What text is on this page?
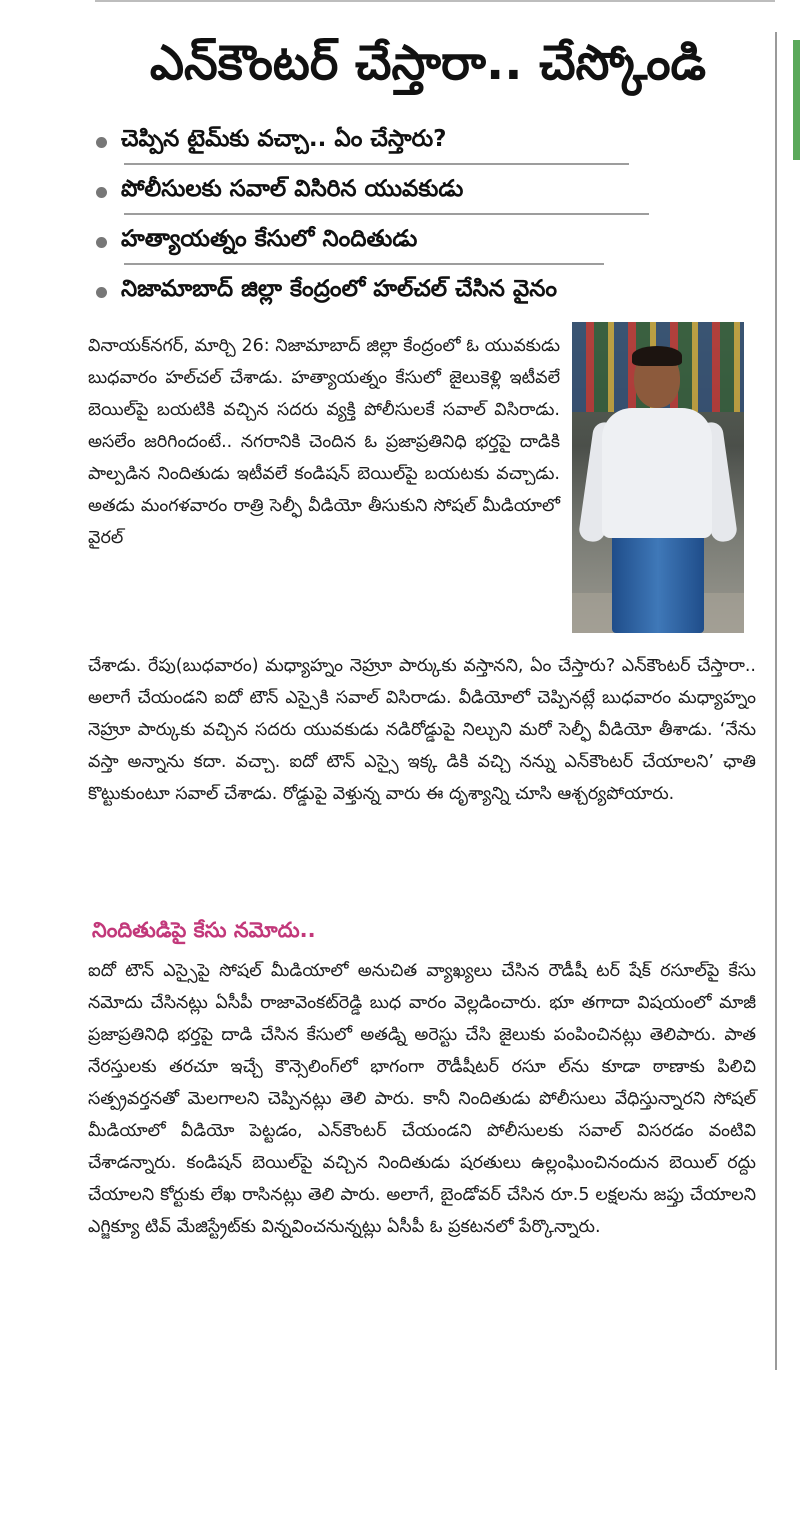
ఎన్‌కౌంటర్ చేస్తారా.. చేస్కోండి
చెప్పిన టైమ్‌కు వచ్చా.. ఏం చేస్తారు?
పోలీసులకు సవాల్ విసిరిన యువకుడు
హత్యాయత్నం కేసులో నిందితుడు
నిజామాబాద్ జిల్లా కేంద్రంలో హల్‌చల్ చేసిన వైనం
వినాయక్‌నగర్, మార్చి 26: నిజామాబాద్ జిల్లా కేంద్రంలో ఓ యువకుడు బుధవారం హల్‌చల్ చేశాడు. హత్యాయత్నం కేసులో జైలుకెళ్లి ఇటీవలే బెయిల్‌పై బయటికి వచ్చిన సదరు వ్యక్తి పోలీసులకే సవాల్ విసిరాడు. అసలేం జరిగిందంటే.. నగరానికి చెందిన ఓ ప్రజాప్రతినిధి భర్తపై దాడికి పాల్పడిన నిందితుడు ఇటీవలే కండిషన్ బెయిల్‌పై బయటకు వచ్చాడు. అతడు మంగళవారం రాత్రి సెల్ఫీ వీడియో తీసుకుని సోషల్ మీడియాలో వైరల్
చేశాడు. రేపు(బుధవారం) మధ్యాహ్నం నెహ్రూ పార్కుకు వస్తానని, ఏం చేస్తారు? ఎన్‌కౌంటర్ చేస్తారా.. అలాగే చేయండని ఐదో టౌన్ ఎస్సైకి సవాల్ విసిరాడు. వీడియోలో చెప్పినట్లే బుధవారం మధ్యాహ్నం నెహ్రూ పార్కుకు వచ్చిన సదరు యువకుడు నడిరోడ్డుపై నిల్చుని మరో సెల్ఫీ వీడియో తీశాడు. ‘నేను వస్తా అన్నాను కదా. వచ్చా. ఐదో టౌన్ ఎస్సై ఇక్క డికి వచ్చి నన్ను ఎన్‌కౌంటర్ చేయాలని’ ఛాతి కొట్టుకుంటూ సవాల్ చేశాడు. రోడ్డుపై వెళ్తున్న వారు ఈ దృశ్యాన్ని చూసి ఆశ్చర్యపోయారు.
నిందితుడిపై కేసు నమోదు..
ఐదో టౌన్ ఎస్సైపై సోషల్ మీడియాలో అనుచిత వ్యాఖ్యలు చేసిన రౌడీషీ టర్ షేక్ రసూల్‌పై కేసు నమోదు చేసినట్లు ఏసీపీ రాజావెంకట్‌రెడ్డి బుధ వారం వెల్లడించారు. భూ తగాదా విషయంలో మాజీ ప్రజాప్రతినిధి భర్తపై దాడి చేసిన కేసులో అతడ్ని అరెస్టు చేసి జైలుకు పంపించినట్లు తెలిపారు. పాత నేరస్తులకు తరచూ ఇచ్చే కౌన్సెలింగ్‌లో భాగంగా రౌడీషీటర్ రసూ ల్‌ను కూడా ఠాణాకు పిలిచి సత్ప్రవర్తనతో మెలగాలని చెప్పినట్లు తెలి పారు. కానీ నిందితుడు పోలీసులు వేధిస్తున్నారని సోషల్ మీడియాలో వీడియో పెట్టడం, ఎన్‌కౌంటర్ చేయండని పోలీసులకు సవాల్ విసరడం వంటివి చేశాడన్నారు. కండిషన్ బెయిల్‌పై వచ్చిన నిందితుడు షరతులు ఉల్లంఘించినందున బెయిల్ రద్దు చేయాలని కోర్టుకు లేఖ రాసినట్లు తెలి పారు. అలాగే, బైండోవర్ చేసిన రూ.5 లక్షలను జప్తు చేయాలని ఎగ్జిక్యూ టివ్ మేజిస్ట్రేట్‌కు విన్నవించనున్నట్లు ఏసీపీ ఓ ప్రకటనలో పేర్కొన్నారు.
